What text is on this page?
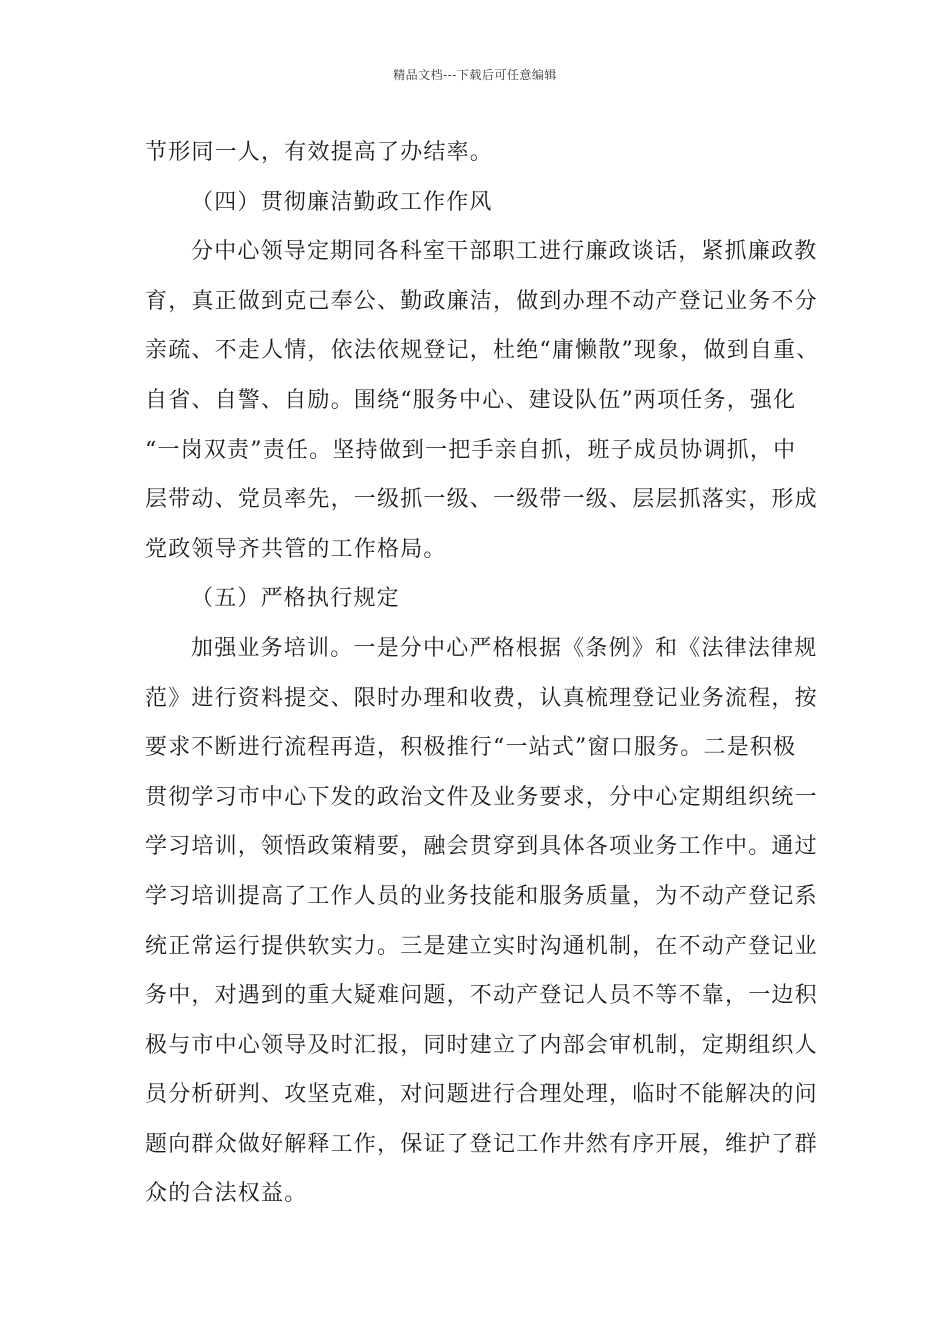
精品文档---下载后可任意编辑
节形同一人，有效提高了办结率。
（四）贯彻廉洁勤政工作作风
分中心领导定期同各科室干部职工进行廉政谈话，紧抓廉政教
育，真正做到克己奉公、勤政廉洁，做到办理不动产登记业务不分
亲疏、不走人情，依法依规登记，杜绝“庸懒散”现象，做到自重、
自省、自警、自励。围绕“服务中心、建设队伍”两项任务，强化
“一岗双责”责任。坚持做到一把手亲自抓，班子成员协调抓，中
层带动、党员率先，一级抓一级、一级带一级、层层抓落实，形成
党政领导齐共管的工作格局。
（五）严格执行规定
加强业务培训。一是分中心严格根据《条例》和《法律法律规
范》进行资料提交、限时办理和收费，认真梳理登记业务流程，按
要求不断进行流程再造，积极推行“一站式”窗口服务。二是积极
贯彻学习市中心下发的政治文件及业务要求，分中心定期组织统一
学习培训，领悟政策精要，融会贯穿到具体各项业务工作中。通过
学习培训提高了工作人员的业务技能和服务质量，为不动产登记系
统正常运行提供软实力。三是建立实时沟通机制，在不动产登记业
务中，对遇到的重大疑难问题，不动产登记人员不等不靠，一边积
极与市中心领导及时汇报，同时建立了内部会审机制，定期组织人
员分析研判、攻坚克难，对问题进行合理处理，临时不能解决的问
题向群众做好解释工作，保证了登记工作井然有序开展，维护了群
众的合法权益。
